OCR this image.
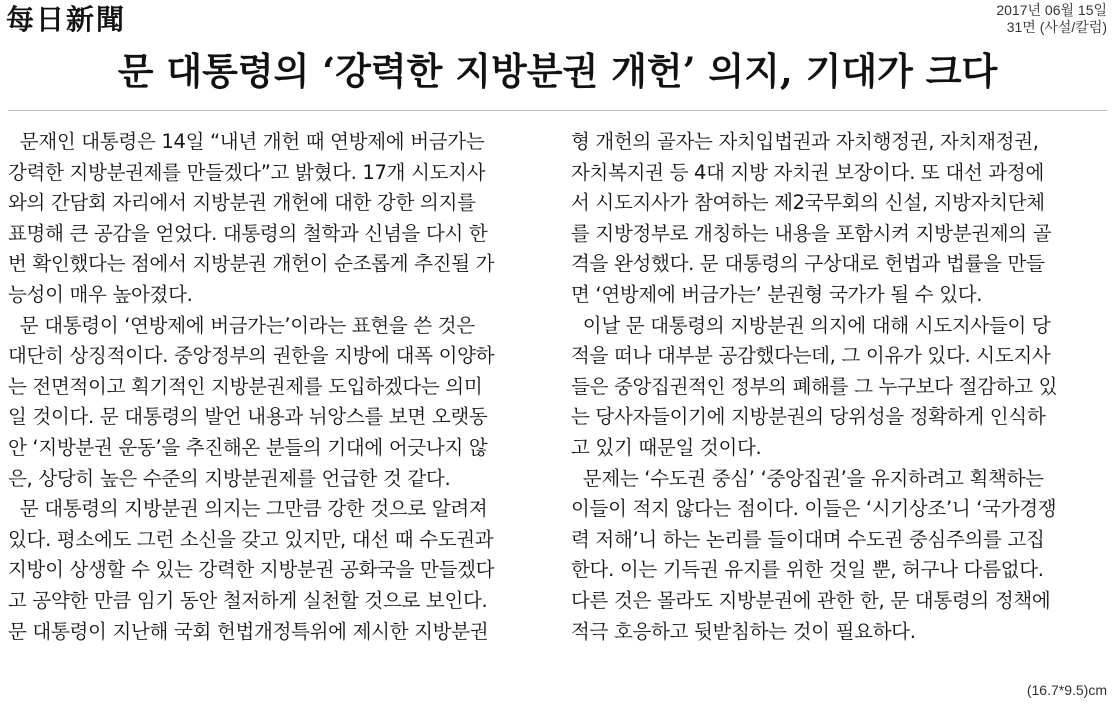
每日新聞	2017년 06월 15일
31면 (사설/칼럼)
문 대통령의 ‘강력한 지방분권 개헌’ 의지, 기대가 크다
문재인 대통령은 14일 “내년 개헌 때 연방제에 버금가는
강력한 지방분권제를 만들겠다”고 밝혔다. 17개 시도지사
와의 간담회 자리에서 지방분권 개헌에 대한 강한 의지를
표명해 큰 공감을 얻었다. 대통령의 철학과 신념을 다시 한
번 확인했다는 점에서 지방분권 개헌이 순조롭게 추진될 가
능성이 매우 높아졌다.
문 대통령이 ‘연방제에 버금가는’이라는 표현을 쓴 것은
대단히 상징적이다. 중앙정부의 권한을 지방에 대폭 이양하
는 전면적이고 획기적인 지방분권제를 도입하겠다는 의미
일 것이다. 문 대통령의 발언 내용과 뉘앙스를 보면 오랫동
안 ‘지방분권 운동’을 추진해온 분들의 기대에 어긋나지 않
은, 상당히 높은 수준의 지방분권제를 언급한 것 같다.
문 대통령의 지방분권 의지는 그만큼 강한 것으로 알려져
있다. 평소에도 그런 소신을 갖고 있지만, 대선 때 수도권과
지방이 상생할 수 있는 강력한 지방분권 공화국을 만들겠다
고 공약한 만큼 임기 동안 철저하게 실천할 것으로 보인다.
문 대통령이 지난해 국회 헌법개정특위에 제시한 지방분권
형 개헌의 골자는 자치입법권과 자치행정권, 자치재정권,
자치복지권 등 4대 지방 자치권 보장이다. 또 대선 과정에
서 시도지사가 참여하는 제2국무회의 신설, 지방자치단체
를 지방정부로 개칭하는 내용을 포함시켜 지방분권제의 골
격을 완성했다. 문 대통령의 구상대로 헌법과 법률을 만들
면 ‘연방제에 버금가는’ 분권형 국가가 될 수 있다.
이날 문 대통령의 지방분권 의지에 대해 시도지사들이 당
적을 떠나 대부분 공감했다는데, 그 이유가 있다. 시도지사
들은 중앙집권적인 정부의 폐해를 그 누구보다 절감하고 있
는 당사자들이기에 지방분권의 당위성을 정확하게 인식하
고 있기 때문일 것이다.
문제는 ‘수도권 중심’ ‘중앙집권’을 유지하려고 획책하는
이들이 적지 않다는 점이다. 이들은 ‘시기상조’니 ‘국가경쟁
력 저해’니 하는 논리를 들이대며 수도권 중심주의를 고집
한다. 이는 기득권 유지를 위한 것일 뿐, 허구나 다름없다.
다른 것은 몰라도 지방분권에 관한 한, 문 대통령의 정책에
적극 호응하고 뒷받침하는 것이 필요하다.
(16.7*9.5)cm
